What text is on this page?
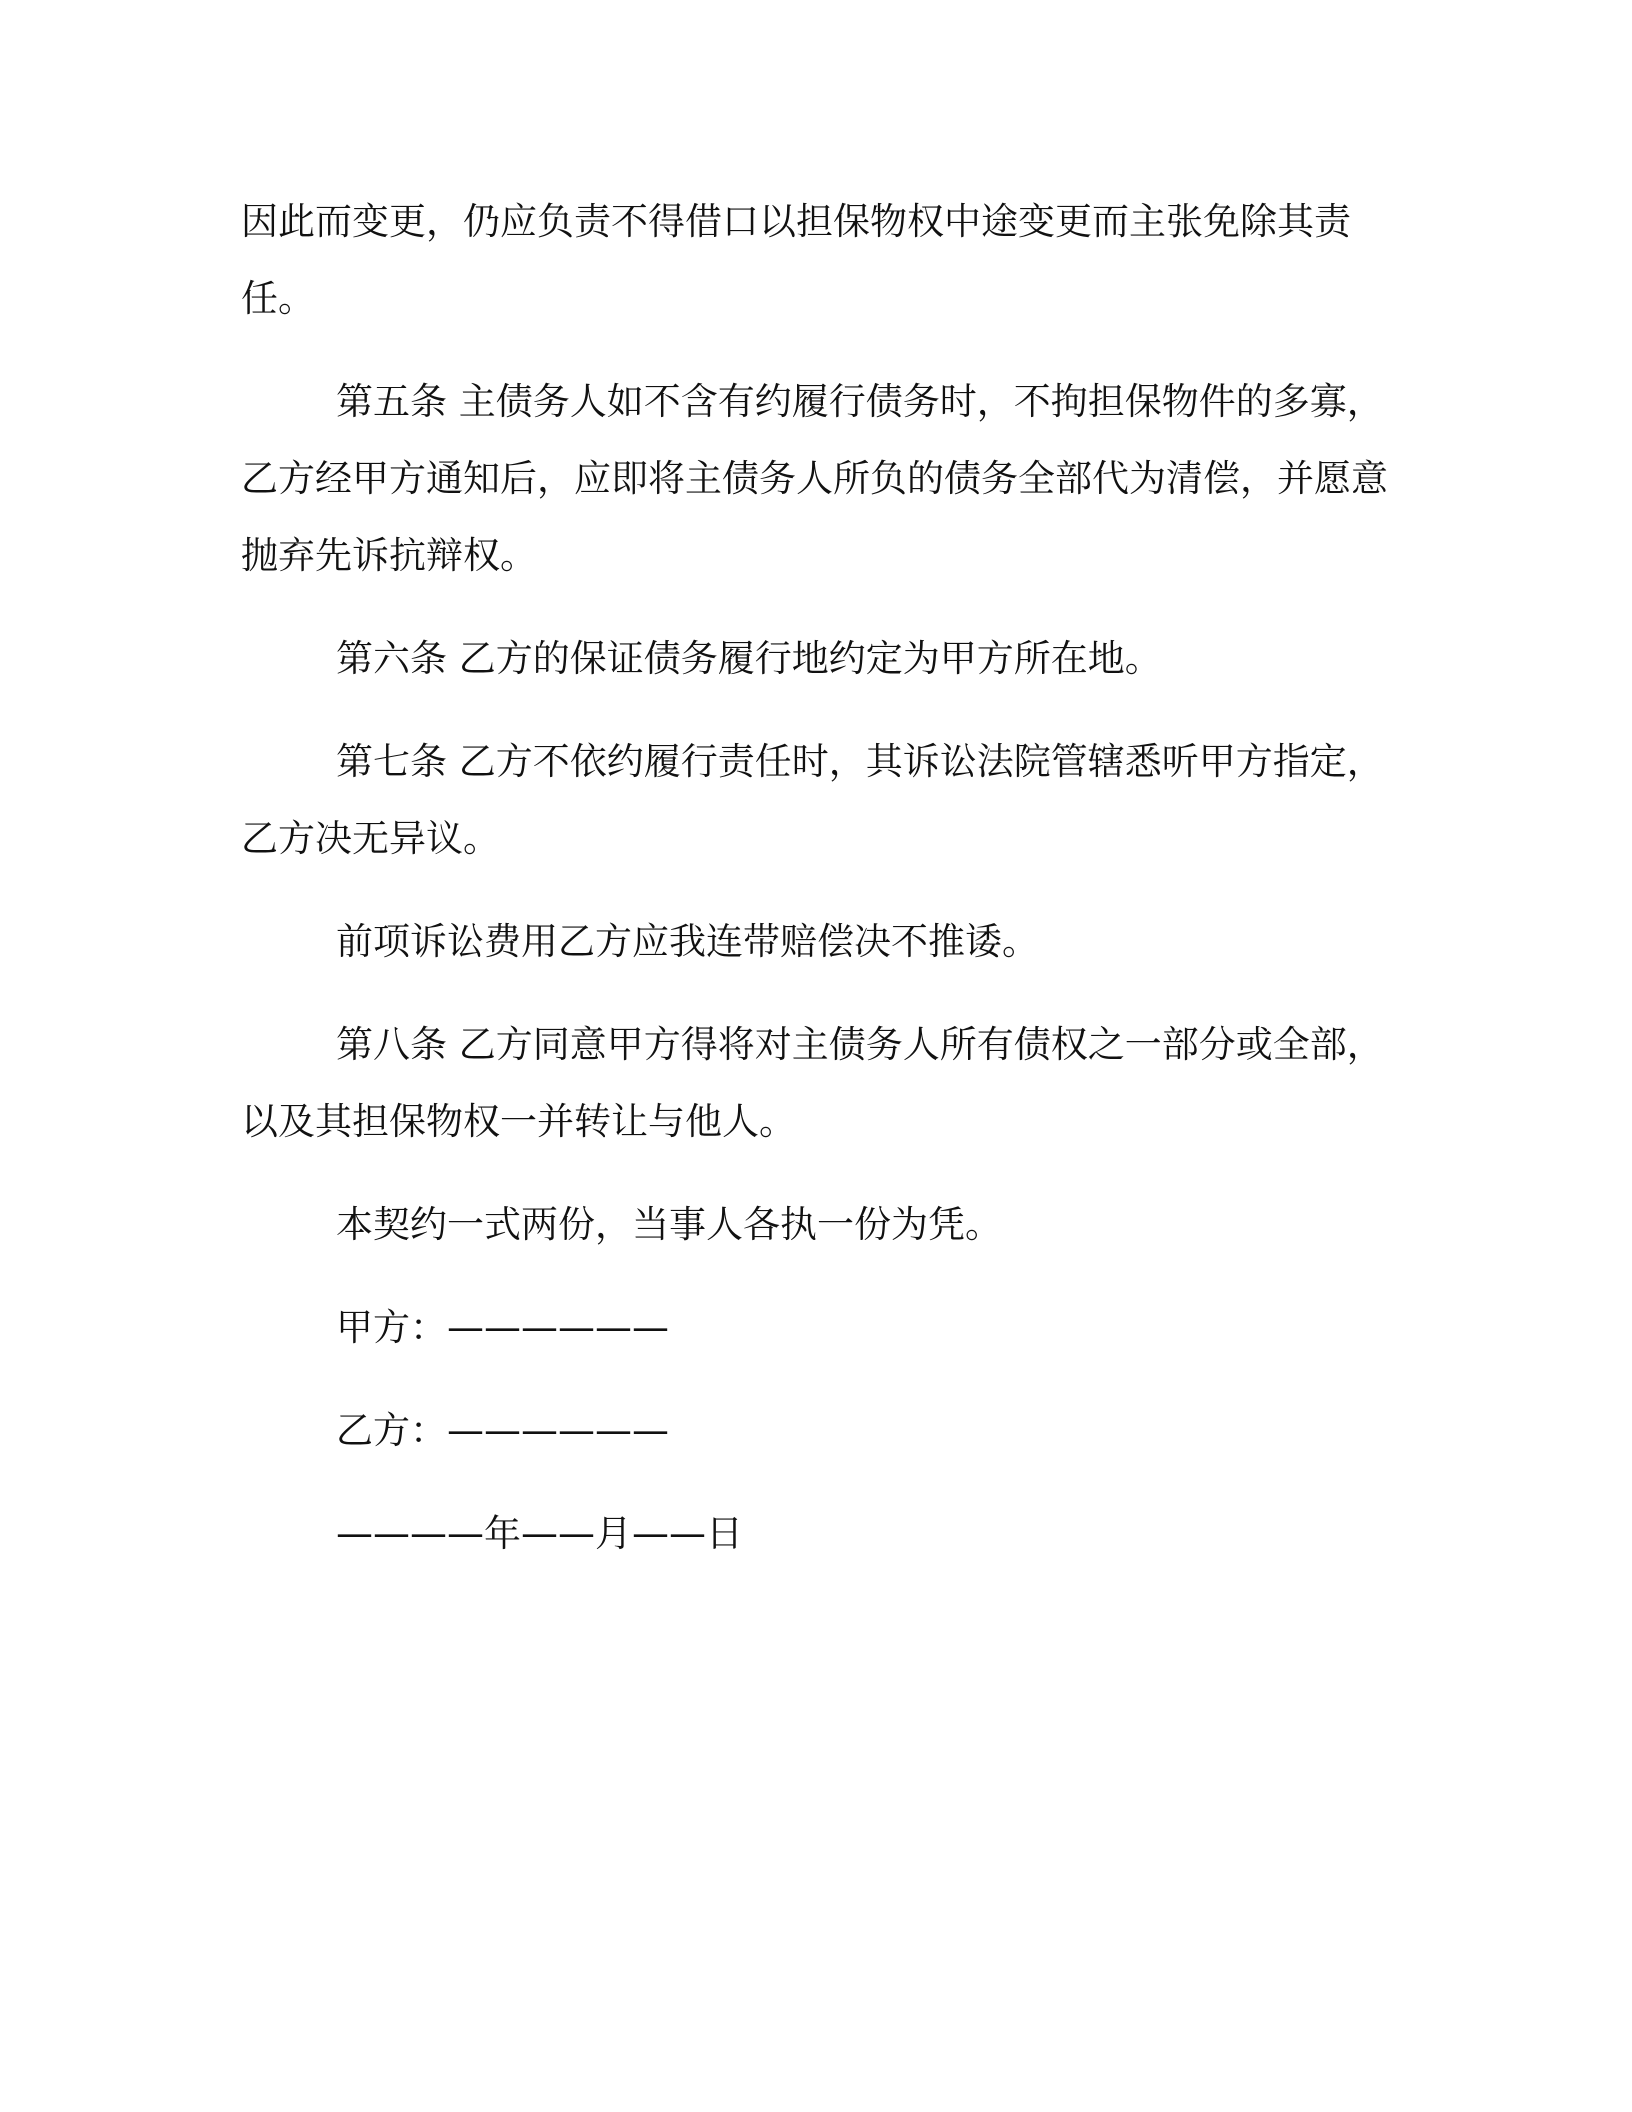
因此而变更，仍应负责不得借口以担保物权中途变更而主张免除其责任。

第五条 主债务人如不含有约履行债务时，不拘担保物件的多寡，乙方经甲方通知后，应即将主债务人所负的债务全部代为清偿，并愿意抛弃先诉抗辩权。

第六条 乙方的保证债务履行地约定为甲方所在地。

第七条 乙方不依约履行责任时，其诉讼法院管辖悉听甲方指定，乙方决无异议。

前项诉讼费用乙方应我连带赔偿决不推诿。

第八条 乙方同意甲方得将对主债务人所有债权之一部分或全部，以及其担保物权一并转让与他人。

本契约一式两份，当事人各执一份为凭。

甲方：——————

乙方：——————

————年——月——日
